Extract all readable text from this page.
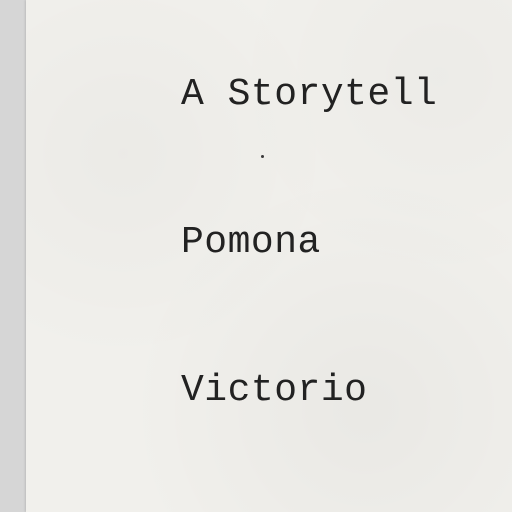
A Storytell

Pomona

Victorio
